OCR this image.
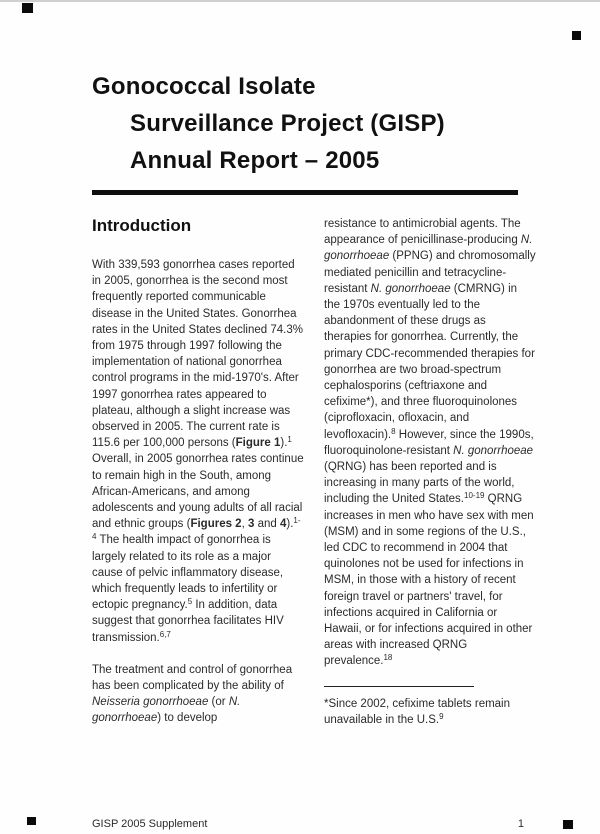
Gonococcal Isolate
Surveillance Project (GISP)
Annual Report – 2005
Introduction

With 339,593 gonorrhea cases reported in 2005, gonorrhea is the second most frequently reported communicable disease in the United States. Gonorrhea rates in the United States declined 74.3% from 1975 through 1997 following the implementation of national gonorrhea control programs in the mid-1970's. After 1997 gonorrhea rates appeared to plateau, although a slight increase was observed in 2005. The current rate is 115.6 per 100,000 persons (Figure 1).$^1$ Overall, in 2005 gonorrhea rates continue to remain high in the South, among African-Americans, and among adolescents and young adults of all racial and ethnic groups (Figures 2, 3 and 4).$^{1-4}$ The health impact of gonorrhea is largely related to its role as a major cause of pelvic inflammatory disease, which frequently leads to infertility or ectopic pregnancy.$^5$ In addition, data suggest that gonorrhea facilitates HIV transmission.$^{6,7}$

The treatment and control of gonorrhea has been complicated by the ability of Neisseria gonorrhoeae (or N. gonorrhoeae) to develop

resistance to antimicrobial agents. The appearance of penicillinase-producing N. gonorrhoeae (PPNG) and chromosomally mediated penicillin and tetracycline-resistant N. gonorrhoeae (CMRNG) in the 1970s eventually led to the abandonment of these drugs as therapies for gonorrhea. Currently, the primary CDC-recommended therapies for gonorrhea are two broad-spectrum cephalosporins (ceftriaxone and cefixime*), and three fluoroquinolones (ciprofloxacin, ofloxacin, and levofloxacin).$^8$ However, since the 1990s, fluoroquinolone-resistant N. gonorrhoeae (QRNG) has been reported and is increasing in many parts of the world, including the United States.$^{10-19}$ QRNG increases in men who have sex with men (MSM) and in some regions of the U.S., led CDC to recommend in 2004 that quinolones not be used for infections in MSM, in those with a history of recent foreign travel or partners' travel, for infections acquired in California or Hawaii, or for infections acquired in other areas with increased QRNG prevalence.$^{18}$

*Since 2002, cefixime tablets remain unavailable in the U.S.$^9$
GISP 2005 Supplement	1
